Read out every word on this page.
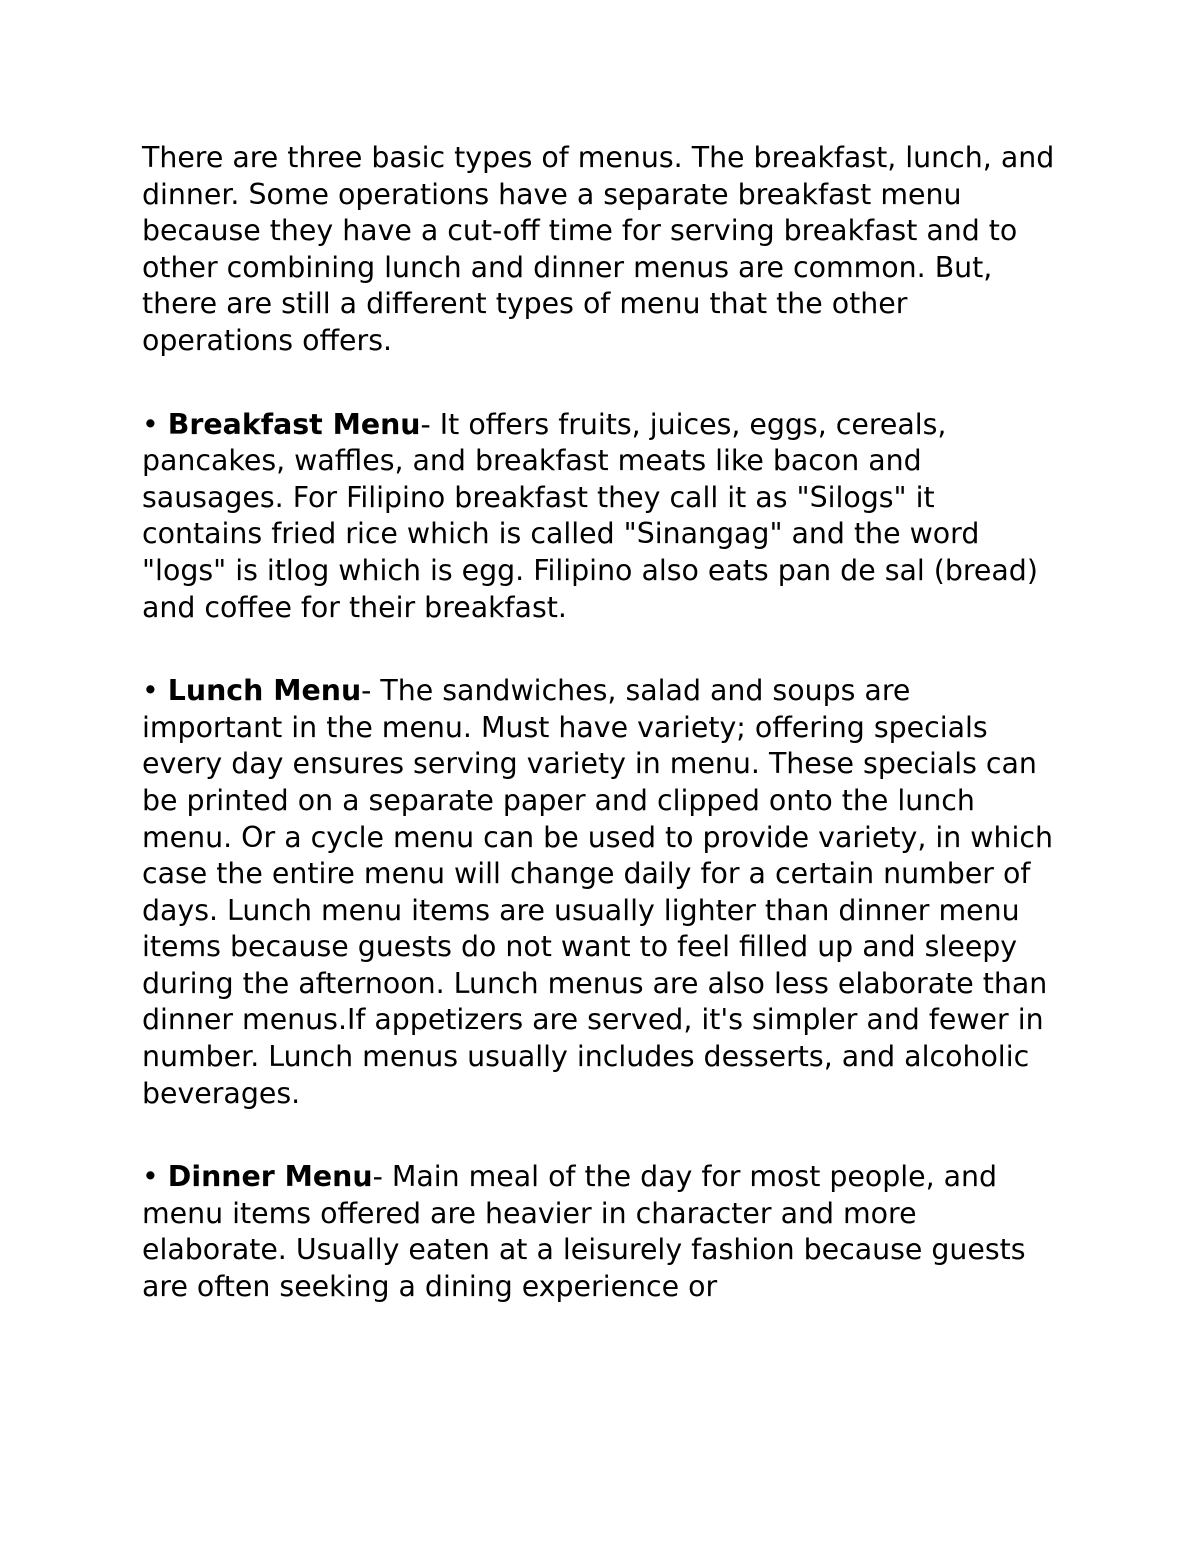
There are three basic types of menus. The breakfast, lunch, and dinner. Some operations have a separate breakfast menu because they have a cut-off time for serving breakfast and to other combining lunch and dinner menus are common. But, there are still a different types of menu that the other operations offers.

• Breakfast Menu- It offers fruits, juices, eggs, cereals, pancakes, waffles, and breakfast meats like bacon and sausages. For Filipino breakfast they call it as "Silogs" it contains fried rice which is called "Sinangag" and the word "logs" is itlog which is egg. Filipino also eats pan de sal (bread) and coffee for their breakfast.

• Lunch Menu- The sandwiches, salad and soups are important in the menu. Must have variety; offering specials every day ensures serving variety in menu. These specials can be printed on a separate paper and clipped onto the lunch menu. Or a cycle menu can be used to provide variety, in which case the entire menu will change daily for a certain number of days. Lunch menu items are usually lighter than dinner menu items because guests do not want to feel filled up and sleepy during the afternoon. Lunch menus are also less elaborate than dinner menus.If appetizers are served, it's simpler and fewer in number. Lunch menus usually includes desserts, and alcoholic beverages.

• Dinner Menu- Main meal of the day for most people, and menu items offered are heavier in character and more elaborate. Usually eaten at a leisurely fashion because guests are often seeking a dining experience or
